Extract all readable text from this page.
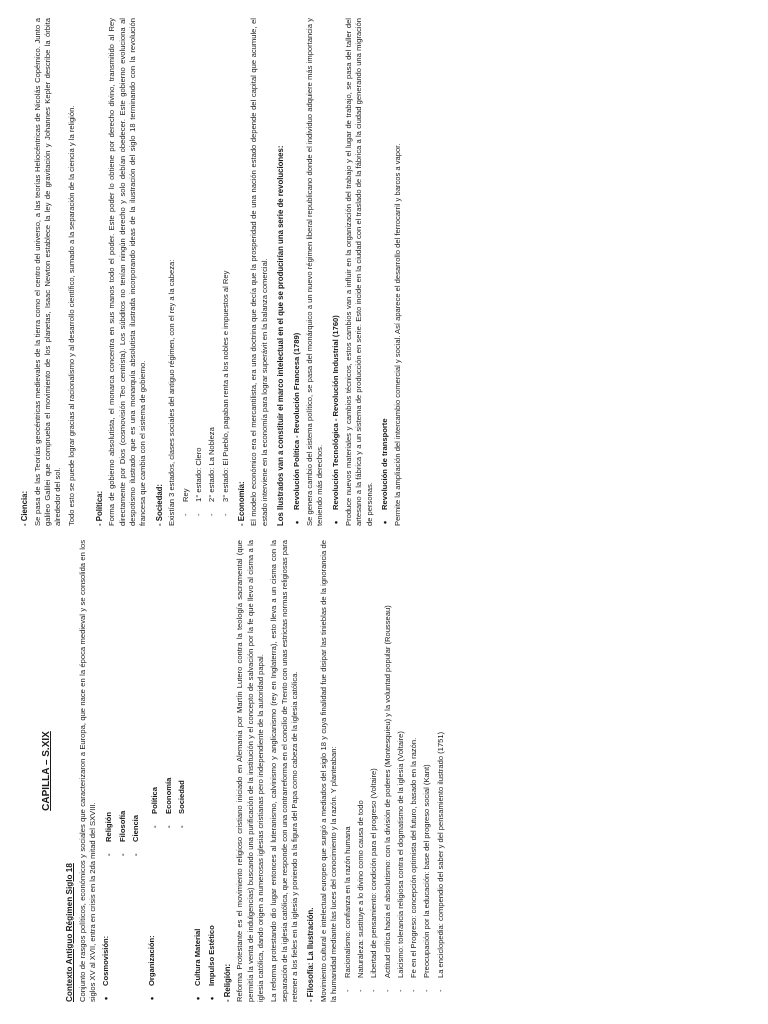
CAPILLA – S.XIX
Contexto Antiguo Régimen Siglo 18 Conjunto de rasgos políticos, económicos y sociales que caracterizaron a Europa, que nace en la época medieval y se consolida en los siglos XV al XVII, entra en crisis en la 2da mitad del SXVIII. • Cosmovisión:
- Religión - Filosofía - Ciencia
• Organización:
- Política - Economía - Sociedad
• Cultura Material • Impulso Estético - Religión: Reforma Protestante es el movimiento religioso cristiano iniciado en Alemania por Martín Lutero contra la teología sacramental (que permitía la venta de indulgencias) buscando una purificación de la institución y el concepto de salvación por la fe que llevo al cisma a la iglesia católica, dando origen a numerosas iglesias cristianas pero independiente de la autoridad papal. La reforma protestando dio lugar entonces al luteranismo, calvinismo y anglicanismo (rey en Inglaterra), esto lleva a un cisma con la separación de la iglesia católica, que responde con una contrarreforma en el concilio de Trento con unas estrictas normas religiosas para retener a los fieles en la iglesia y poniendo a la figura del Papa como cabeza de la iglesia católica. - Filosofía: La Ilustración. Movimiento cultural e intelectual europeo que surgió a mediados del siglo 18 y cuya finalidad fue disipar las tinieblas de la ignorancia de la humanidad mediante las luces del conocimiento y la razón. Y planteaban: - Racionalismo: confianza en la razón humana - Naturaleza: sustituye a lo divino como causa de todo - Libertad de pensamiento: condición para el progreso (Voltaire) - Actitud crítica hacia el absolutismo: con la división de poderes (Montesquieu) y la voluntad popular (Rousseau) - Laicismo: tolerancia religiosa contra el dogmatismo de la iglesia (Voltaire) - Fe en el Progreso: concepción optimista del futuro, basado en la razón. - Preocupación por la educación: base del progreso social (Kant) - La enciclopedia: compendio del saber y del pensamiento ilustrado (1751)
- Ciencia: Se pasa de las Teorías geocéntricas medievales de la tierra como el centro del universo, a las teorías Heliocéntricas de Nicolás Copérnico. Junto a galileo Galilei que comprueba el movimiento de los planetas, Isaac Newton establece la ley de gravitación y Johannes Kepler describe la órbita alrededor del sol. Todo esto se puede lograr gracias al racionalismo y al desarrollo científico, sumado a la separación de la ciencia y la religión. - Política: Forma de gobierno absolutista, el monarca concentra en sus manos todo el poder. Este poder lo obtiene por derecho divino, transmitido al Rey directamente por Dios (cosmovisión Teo centrista). Los súbditos no tenían ningún derecho y solo debían obedecer. Este gobierno evoluciona al despotismo ilustrado que es una monarquía absolutista ilustrada incorporando ideas de la ilustración del siglo 18 terminando con la revolución francesa que cambia con el sistema de gobierno. - Sociedad: Existían 3 estados, clases sociales del antiguo régimen, con el rey a la cabeza: - Rey - 1° estado: Clero - 2° estado: La Nobleza - 3° estado: El Pueblo, pagaban renta a los nobles e impuestos al Rey
- Economía: El modelo económico era el mercantilista, era una doctrina que decía que la prosperidad de una nación estado depende del capital que acumule, el estado interviene en la economía para lograr superávit en la balanza comercial. Los Ilustrados van a constituir el marco intelectual en el que se producirían una serie de revoluciones: • Revolución Política - Revolución Francesa (1789) Se genera cambio del sistema político, se pasa del monárquico a un nuevo régimen liberal republicano donde el individuo adquiere más importancia y teniendo más derechos. • Revolución Tecnológica - Revolución Industrial (1760) Produce nuevos materiales y cambios técnicos, estos cambios van a influir en la organización del trabajo y el lugar de trabajo, se pasa del taller del artesano a la fábrica y a un sistema de producción en serie. Esto incide en la ciudad con el traslado de la fábrica a la ciudad generando una migración de personas. • Revolución de transporte Permite la ampliación del intercambio comercial y social. Así aparece el desarrollo del ferrocarril y barcos a vapor.
